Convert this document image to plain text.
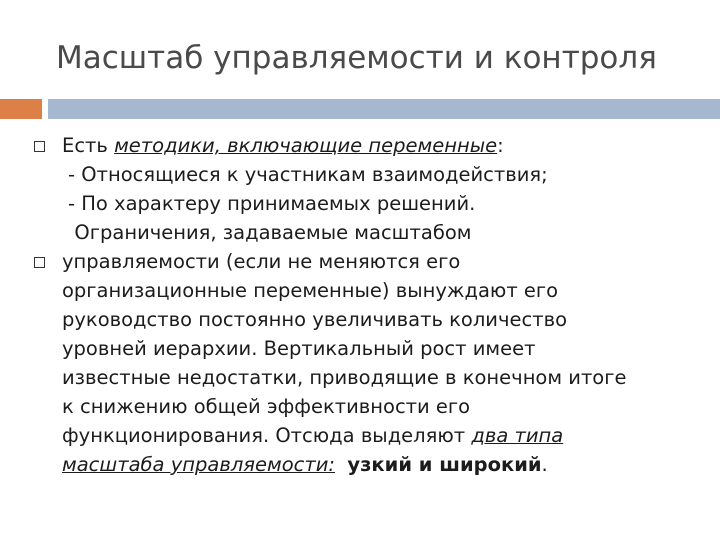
Масштаб управляемости и контроля
Есть методики, включающие переменные:
- Относящиеся к участникам взаимодействия;
- По характеру принимаемых решений.
Ограничения, задаваемые масштабом
управляемости (если не меняются его
организационные переменные) вынуждают его
руководство постоянно увеличивать количество
уровней иерархии. Вертикальный рост имеет
известные недостатки, приводящие в конечном итоге
к снижению общей эффективности его
функционирования. Отсюда выделяют два типа
масштаба управляемости: узкий и широкий.
